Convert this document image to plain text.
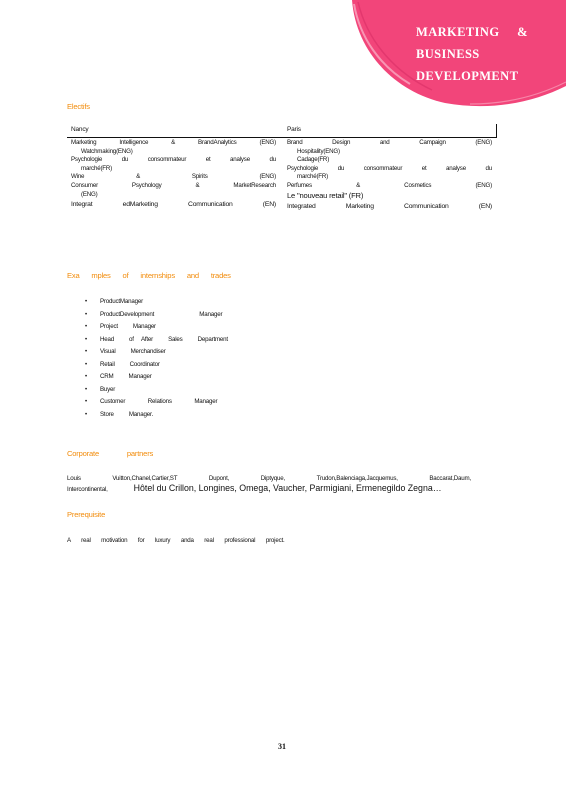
MARKETING &
BUSINESS
DEVELOPMENT
Electifs
Nancy
Marketing	Intelligence	&	BrandAnalytics	(ENG)
Watchmaking (ENG)
Psychologie	du	consommateur	et	analyse	du
marché (FR)
Wine	&	Spirits	(ENG)
Consumer	Psychology	&	MarketResearch
(ENG)
Integrat	edMarketing	Communication	(EN)
Paris
Brand	Design	and	Campaign	(ENG)
Hospitality (ENG)
Cadage (FR)
Psychologie	du	consommateur	et	analyse	du
marché (FR)
Perfumes	&	Cosmetics	(ENG)
Le "nouveau retail" (FR)
Integrated	Marketing	Communication	(EN)
Exa mples of internships and trades
• ProductManager
• ProductDevelopment      Manager
• Project  Manager
• Head  of After  Sales  Department
• Visual  Merchandiser
• Retail  Coordinator
• CRM  Manager
• Buyer
• Customer   Relations   Manager
• Store  Manager.
Corporate partners
Louis	Vuitton,Chanel,Cartier,ST	Dupont,	Diptyque,	Trudon,Balenciaga,Jacquemus,	Baccarat,Daum,
Intercontinental,	Hôtel du Crillon, Longines, Omega, Vaucher, Parmigiani, Ermenegildo Zegna…
Prerequisite
A real motivation for luxury anda real professional project.
31
